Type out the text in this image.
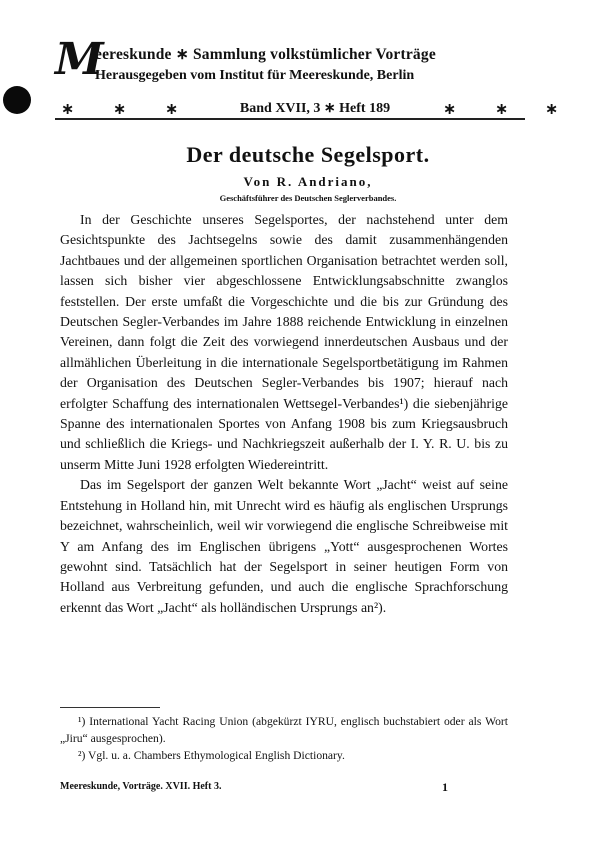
M
eereskunde ∗ Sammlung volkstümlicher Vorträge
Herausgegeben vom Institut für Meereskunde, Berlin
∗ ∗ ∗	Band XVII, 3 ∗ Heft 189	∗ ∗ ∗
Der deutsche Segelsport.
Von R. Andriano,
Geschäftsführer des Deutschen Seglerverbandes.

In der Geschichte unseres Segelsportes, der nachstehend unter dem Gesichtspunkte des Jachtsegelns sowie des damit zusammenhängenden Jachtbaues und der allgemeinen sportlichen Organisation betrachtet werden soll, lassen sich bisher vier abgeschlossene Entwicklungsabschnitte zwanglos feststellen. Der erste umfaßt die Vorgeschichte und die bis zur Gründung des Deutschen Segler-Verbandes im Jahre 1888 reichende Entwicklung in einzelnen Vereinen, dann folgt die Zeit des vorwiegend innerdeutschen Ausbaus und der allmählichen Überleitung in die internationale Segelsportbetätigung im Rahmen der Organisation des Deutschen Segler-Verbandes bis 1907; hierauf nach erfolgter Schaffung des internationalen Wettsegel-Verbandes¹) die siebenjährige Spanne des internationalen Sportes von Anfang 1908 bis zum Kriegsausbruch und schließlich die Kriegs- und Nachkriegszeit außerhalb der I. Y. R. U. bis zu unserm Mitte Juni 1928 erfolgten Wiedereintritt.

Das im Segelsport der ganzen Welt bekannte Wort „Jacht“ weist auf seine Entstehung in Holland hin, mit Unrecht wird es häufig als englischen Ursprungs bezeichnet, wahrscheinlich, weil wir vorwiegend die englische Schreibweise mit Y am Anfang des im Englischen übrigens „Yott“ ausgesprochenen Wortes gewohnt sind. Tatsächlich hat der Segelsport in seiner heutigen Form von Holland aus Verbreitung gefunden, und auch die englische Sprachforschung erkennt das Wort „Jacht“ als holländischen Ursprungs an²).

¹) International Yacht Racing Union (abgekürzt IYRU, englisch buchstabiert oder als Wort „Jiru“ ausgesprochen).

²) Vgl. u. a. Chambers Ethymological English Dictionary.

Meereskunde, Vorträge. XVII. Heft 3.	1
